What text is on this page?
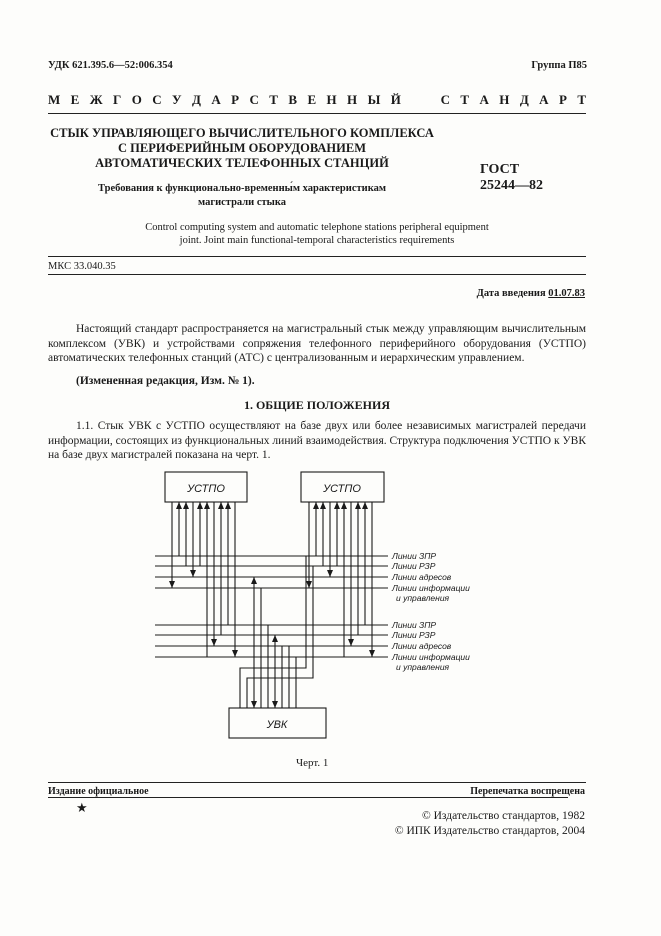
УДК 621.395.6—52:006.354	Группа П85
М    Е    Ж    Г    О    С    У    Д    А    Р    С    Т    В    Е    Н    Н    Ы    Й	С    Т    А    Н    Д    А    Р    Т
СТЫК УПРАВЛЯЮЩЕГО ВЫЧИСЛИТЕЛЬНОГО КОМПЛЕКСА
С ПЕРИФЕРИЙНЫМ ОБОРУДОВАНИЕМ
АВТОМАТИЧЕСКИХ ТЕЛЕФОННЫХ СТАНЦИЙ
Требования к функционально-временны́м характеристикам
магистрали стыка
ГОСТ
25244—82
Control computing system and automatic telephone stations peripheral equipment
joint. Joint main functional-temporal characteristics requirements
МКС 33.040.35
Дата введения 01.07.83
Настоящий стандарт распространяется на магистральный стык между управляющим вычислительным комплексом (УВК) и устройствами сопряжения телефонного периферийного оборудования (УСТПО) автоматических телефонных станций (АТС) с централизованным и иерархическим управлением.
(Измененная редакция, Изм. № 1).
1. ОБЩИЕ ПОЛОЖЕНИЯ
1.1. Стык УВК с УСТПО осуществляют на базе двух или более независимых магистралей передачи информации, состоящих из функциональных линий взаимодействия. Структура подключения УСТПО к УВК на базе двух магистралей показана на черт. 1.
УСТПО	УСТПО
УВК
Линии ЗПР
Линии РЗР
Линии адресов
Линии информации
и управления
Линии ЗПР
Линии РЗР
Линии адресов
Линии информации
и управления
Черт. 1
Издание официальное	Перепечатка воспрещена
★
© Издательство стандартов, 1982
© ИПК Издательство стандартов, 2004
